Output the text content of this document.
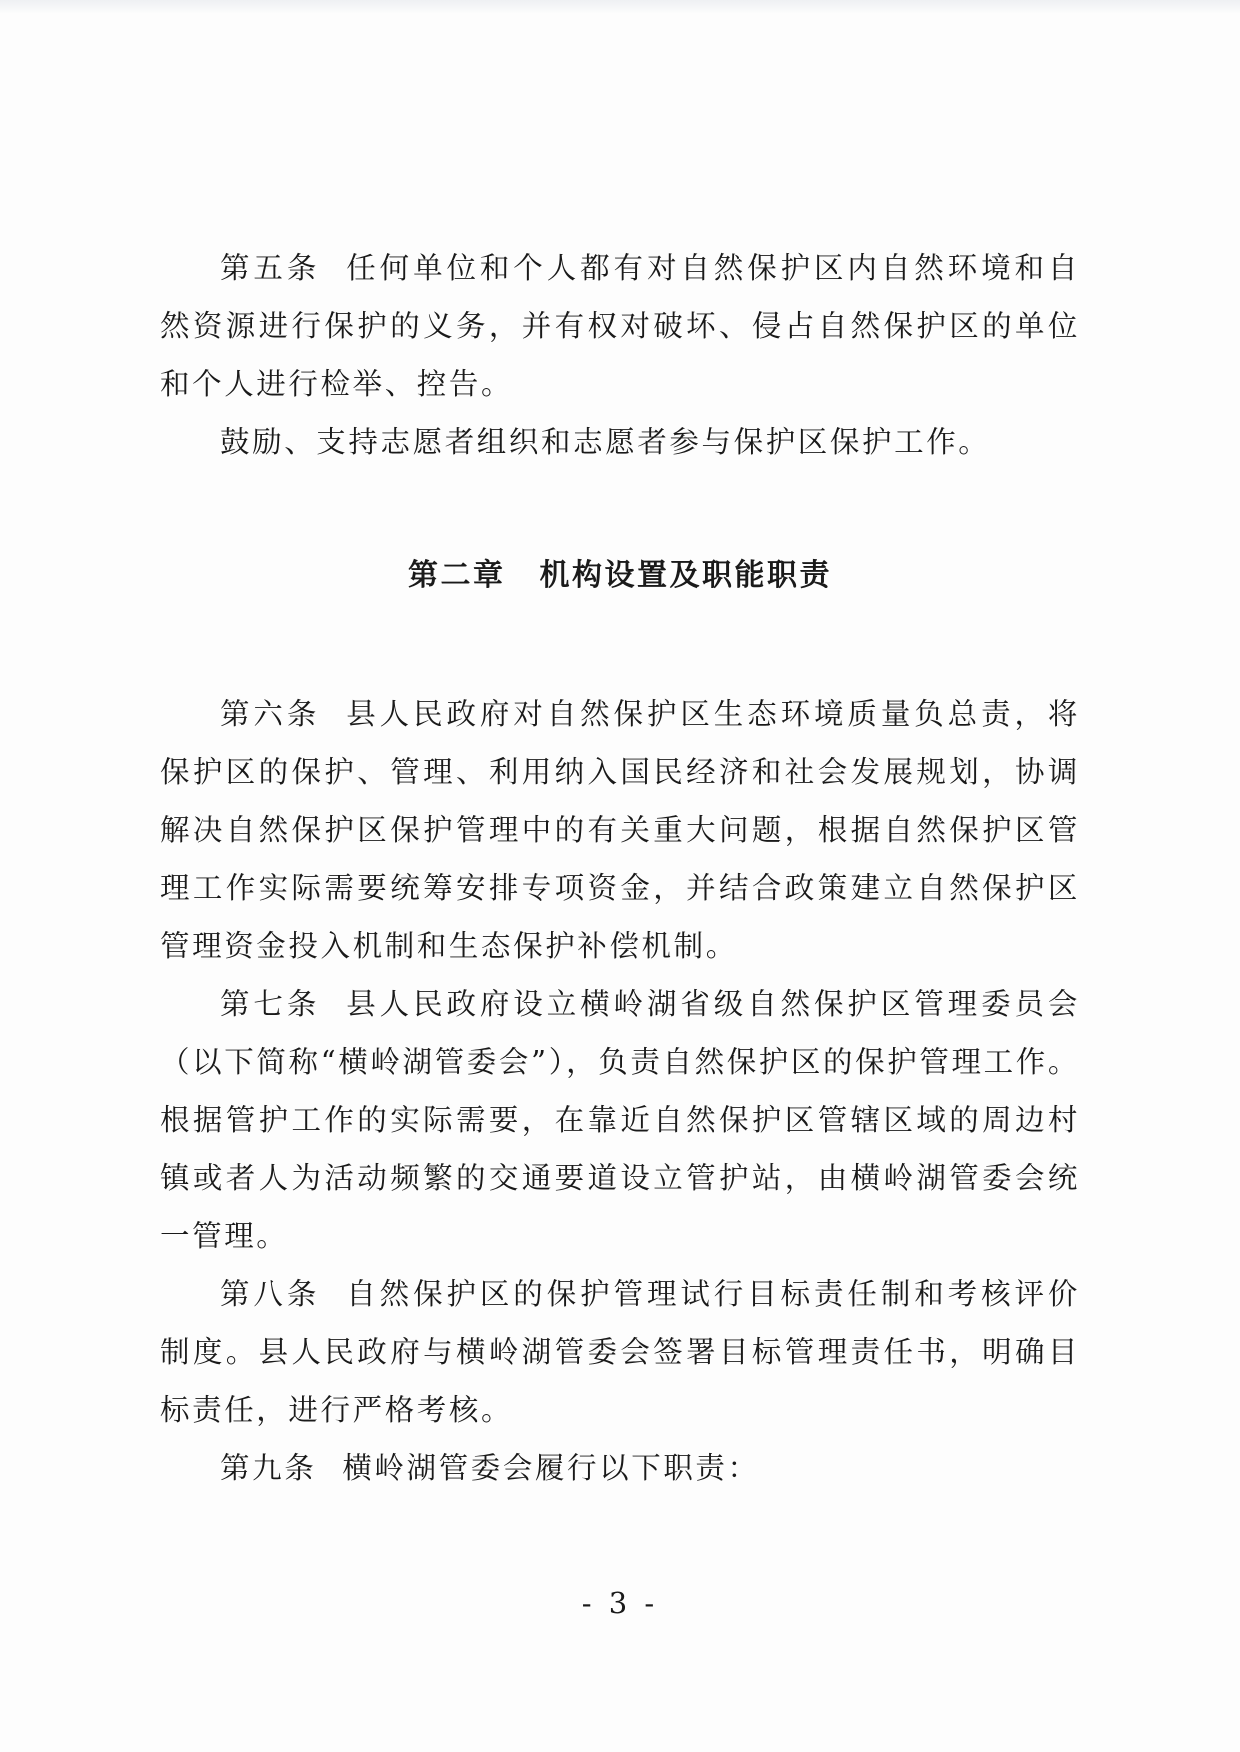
第五条 任何单位和个人都有对自然保护区内自然环境和自然资源进行保护的义务，并有权对破坏、侵占自然保护区的单位和个人进行检举、控告。

鼓励、支持志愿者组织和志愿者参与保护区保护工作。

第二章 机构设置及职能职责

第六条 县人民政府对自然保护区生态环境质量负总责，将保护区的保护、管理、利用纳入国民经济和社会发展规划，协调解决自然保护区保护管理中的有关重大问题，根据自然保护区管理工作实际需要统筹安排专项资金，并结合政策建立自然保护区管理资金投入机制和生态保护补偿机制。

第七条 县人民政府设立横岭湖省级自然保护区管理委员会（以下简称“横岭湖管委会”），负责自然保护区的保护管理工作。根据管护工作的实际需要，在靠近自然保护区管辖区域的周边村镇或者人为活动频繁的交通要道设立管护站，由横岭湖管委会统一管理。

第八条 自然保护区的保护管理试行目标责任制和考核评价制度。县人民政府与横岭湖管委会签署目标管理责任书，明确目标责任，进行严格考核。

第九条 横岭湖管委会履行以下职责：

- 3 -
